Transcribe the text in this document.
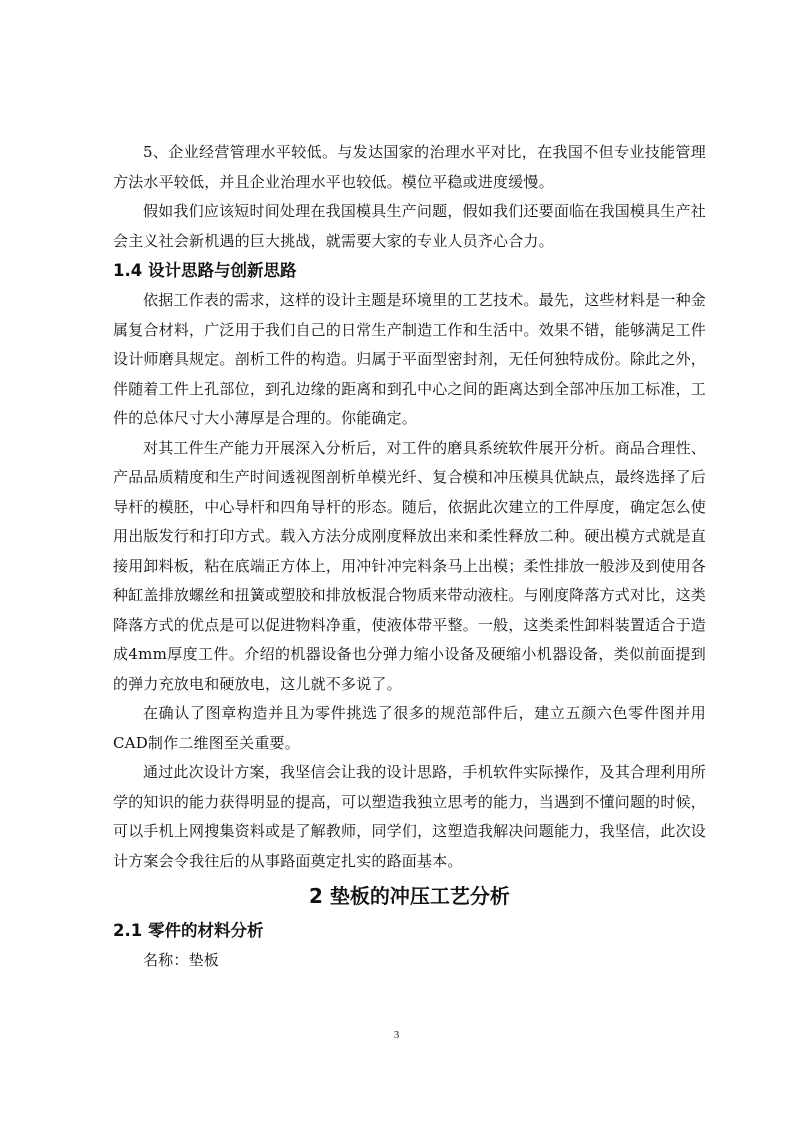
5、企业经营管理水平较低。与发达国家的治理水平对比，在我国不但专业技能管理方法水平较低，并且企业治理水平也较低。模位平稳或进度缓慢。

假如我们应该短时间处理在我国模具生产问题，假如我们还要面临在我国模具生产社会主义社会新机遇的巨大挑战，就需要大家的专业人员齐心合力。

1.4 设计思路与创新思路

依据工作表的需求，这样的设计主题是环境里的工艺技术。最先，这些材料是一种金属复合材料，广泛用于我们自己的日常生产制造工作和生活中。效果不错，能够满足工件设计师磨具规定。剖析工件的构造。归属于平面型密封剂，无任何独特成份。除此之外，伴随着工件上孔部位，到孔边缘的距离和到孔中心之间的距离达到全部冲压加工标准，工件的总体尺寸大小薄厚是合理的。你能确定。

对其工件生产能力开展深入分析后，对工件的磨具系统软件展开分析。商品合理性、产品品质精度和生产时间透视图剖析单模光纤、复合模和冲压模具优缺点，最终选择了后导杆的模胚，中心导杆和四角导杆的形态。随后，依据此次建立的工件厚度，确定怎么使用出版发行和打印方式。载入方法分成刚度释放出来和柔性释放二种。硬出模方式就是直接用卸料板，粘在底端正方体上，用冲针冲完料条马上出模；柔性排放一般涉及到使用各种缸盖排放螺丝和扭簧或塑胶和排放板混合物质来带动液柱。与刚度降落方式对比，这类降落方式的优点是可以促进物料净重，使液体带平整。一般，这类柔性卸料装置适合于造成4mm厚度工件。介绍的机器设备也分弹力缩小设备及硬缩小机器设备，类似前面提到的弹力充放电和硬放电，这儿就不多说了。

在确认了图章构造并且为零件挑选了很多的规范部件后，建立五颜六色零件图并用CAD制作二维图至关重要。

通过此次设计方案，我坚信会让我的设计思路，手机软件实际操作，及其合理利用所学的知识的能力获得明显的提高，可以塑造我独立思考的能力，当遇到不懂问题的时候，可以手机上网搜集资料或是了解教师，同学们，这塑造我解决问题能力，我坚信，此次设计方案会令我往后的从事路面奠定扎实的路面基本。

2 垫板的冲压工艺分析
2.1 零件的材料分析

名称：垫板

3
